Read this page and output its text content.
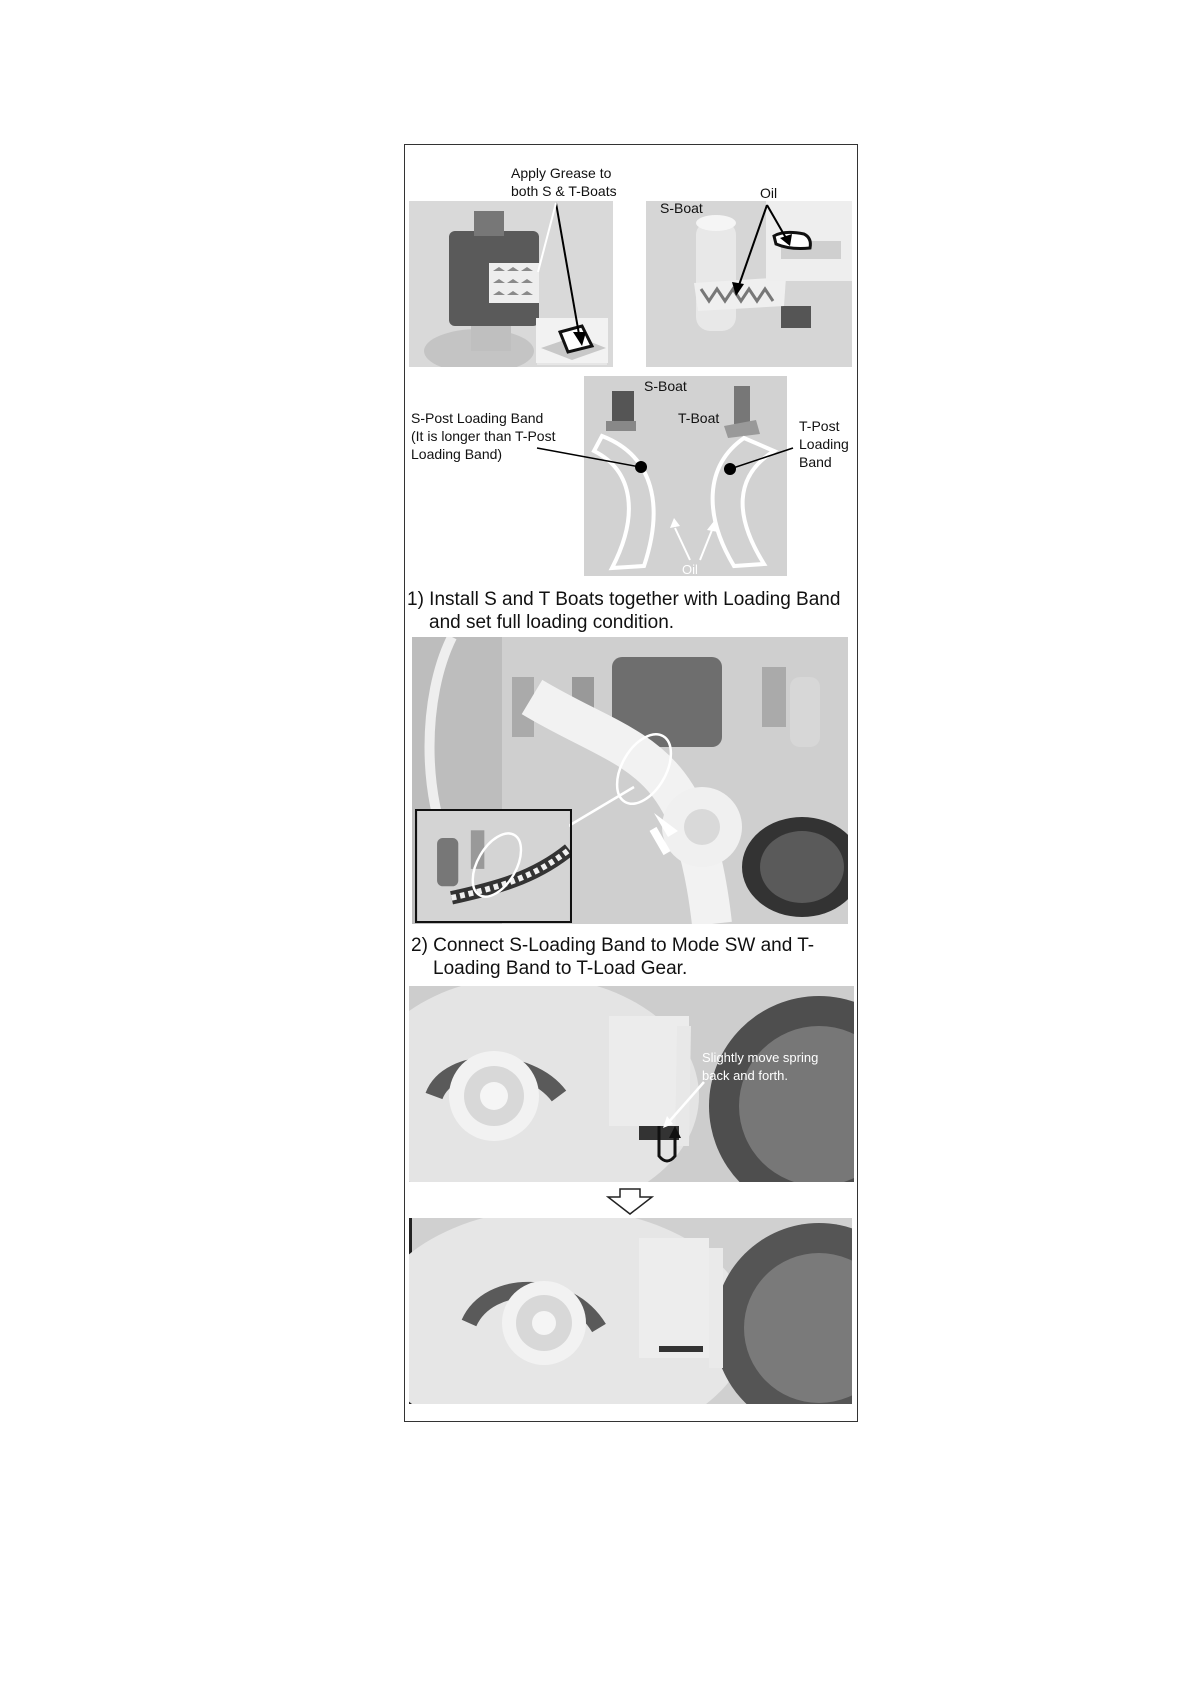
Apply Grease to
both S & T-Boats	Oil
S-Boat
S-Boat
T-Boat
S-Post Loading Band
(It is longer than T-Post
Loading Band)
T-Post
Loading
Band
Oil
1) Install S and T Boats together with Loading Band
and set full loading condition.
2) Connect S-Loading Band to Mode SW and T-
Loading Band to T-Load Gear.
Slightly move spring
back and forth.
